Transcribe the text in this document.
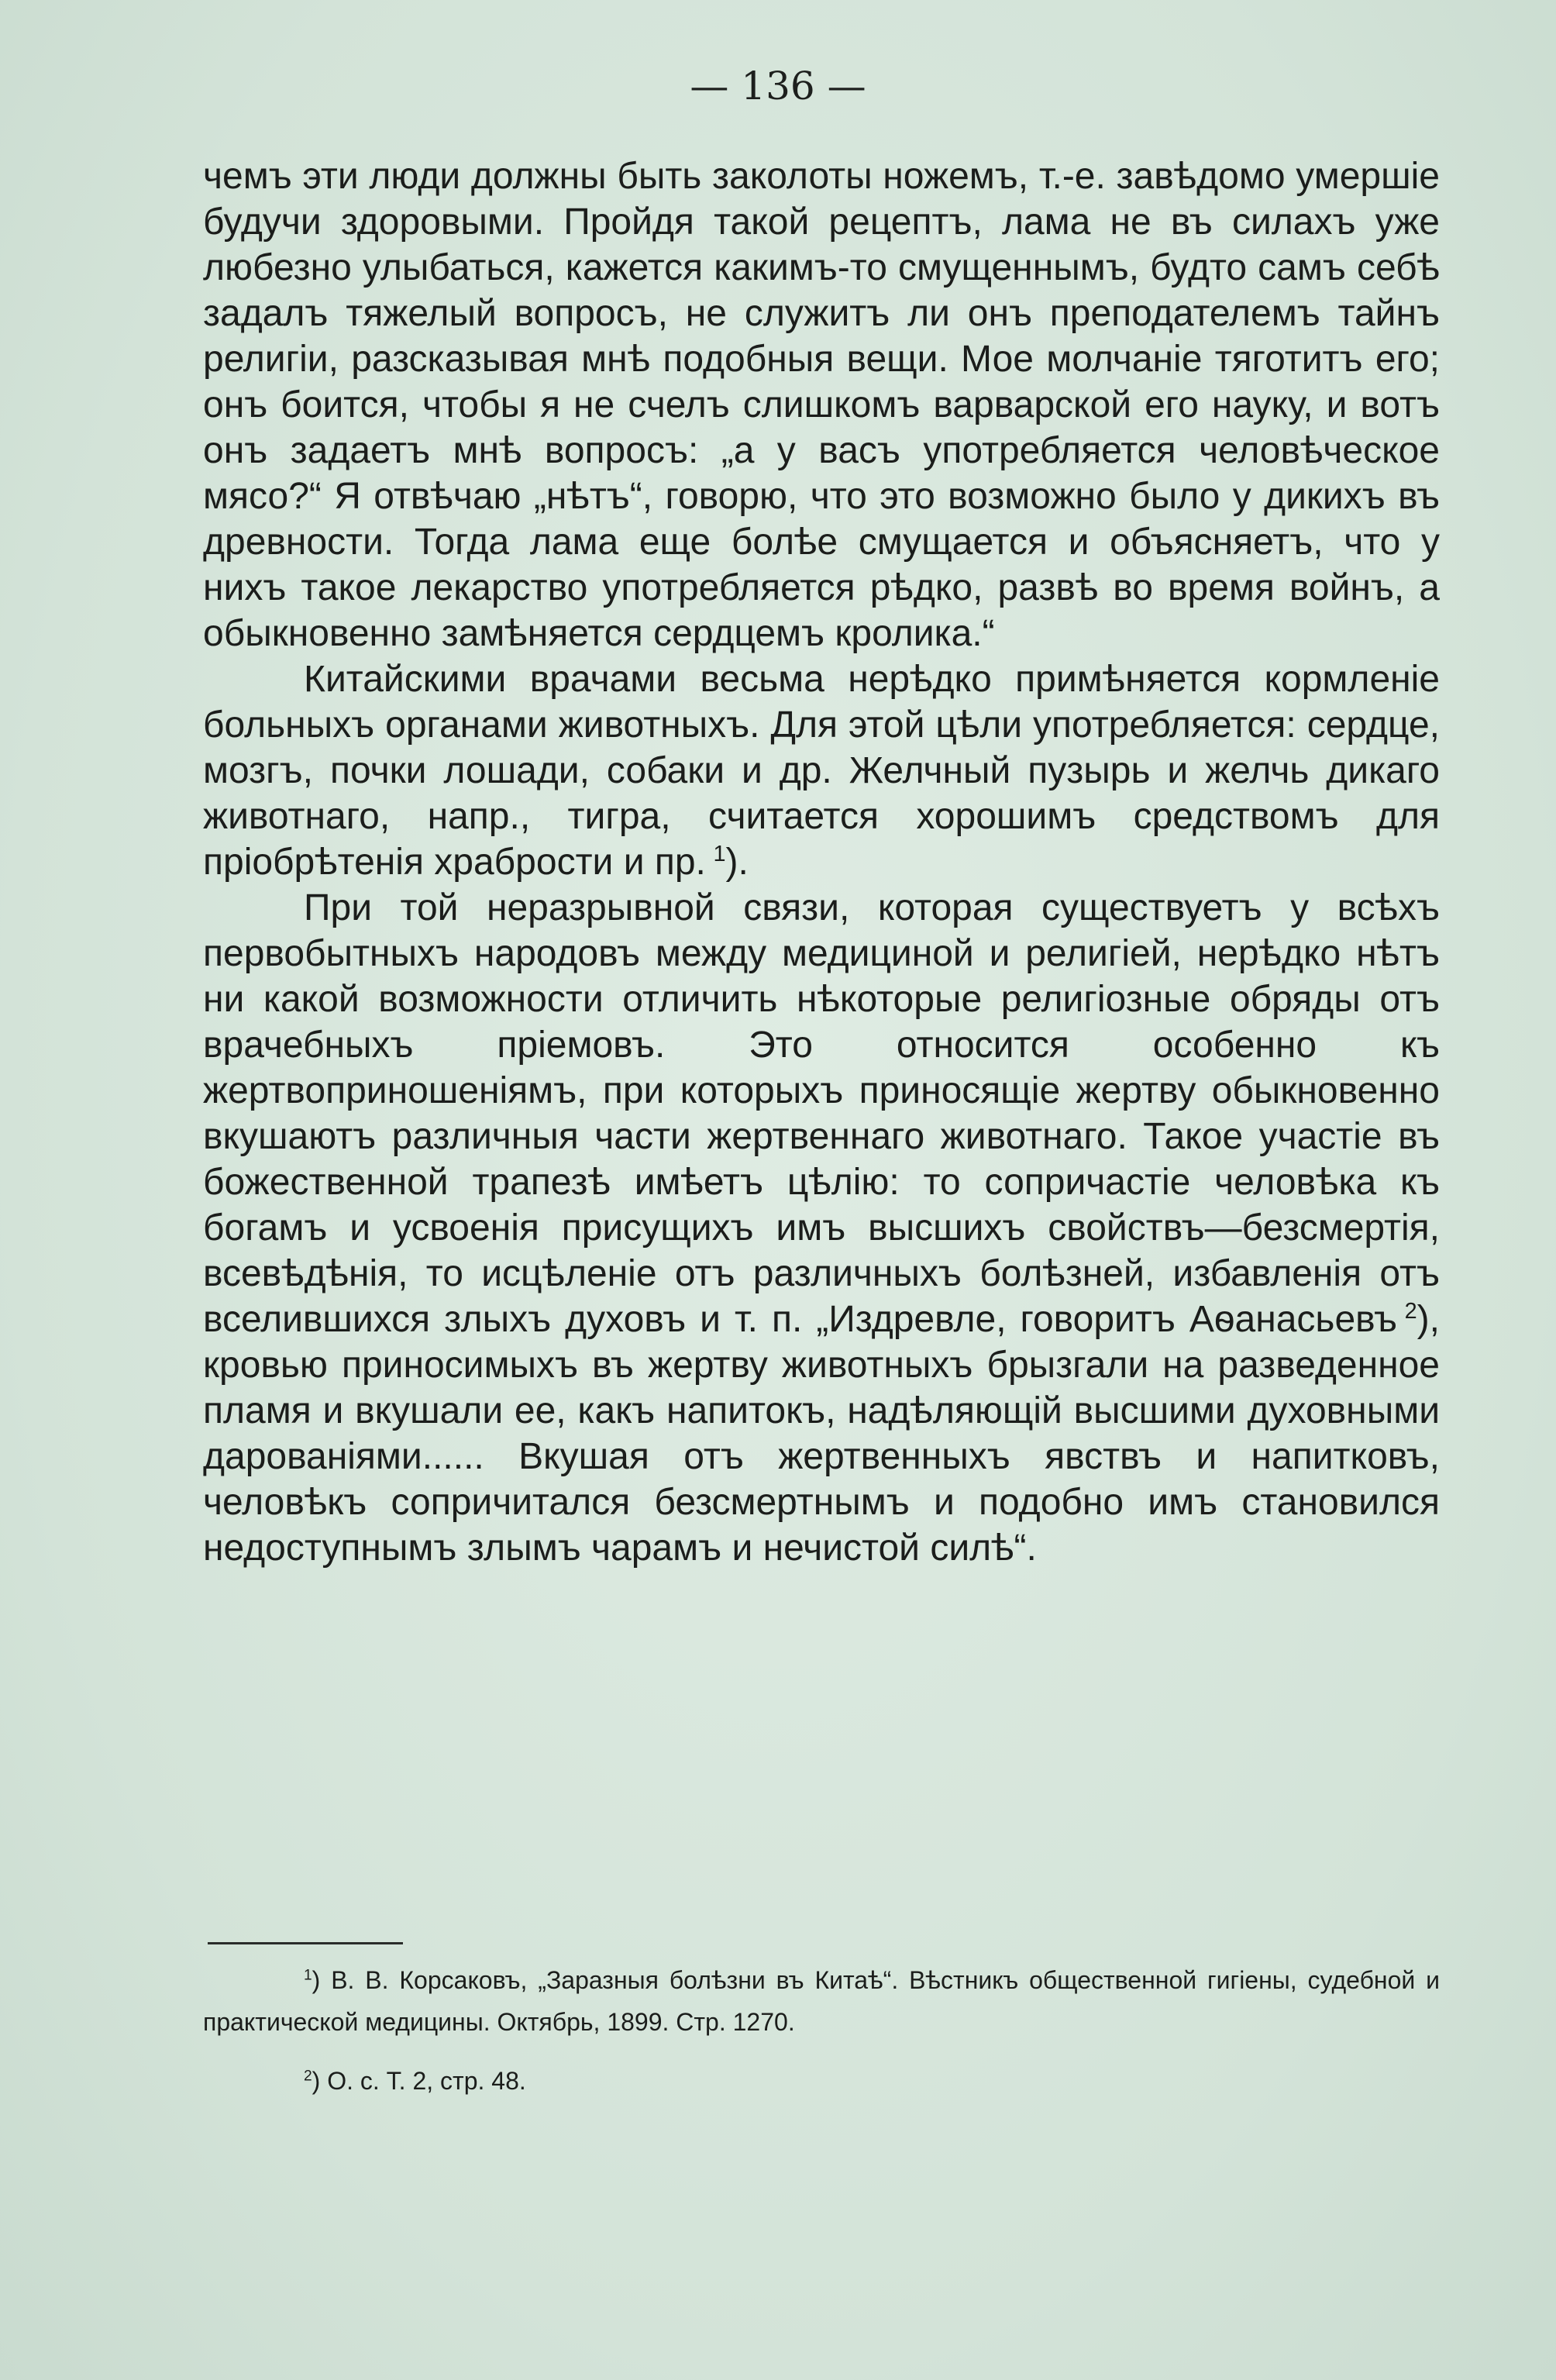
— 136 —

чемъ эти люди должны быть заколоты ножемъ, т.-е. завѣдомо умершіе будучи здоровыми. Пройдя такой рецептъ, лама не въ силахъ уже любезно улыбаться, кажется какимъ-то смущеннымъ, будто самъ себѣ задалъ тяжелый вопросъ, не служитъ ли онъ преподателемъ тайнъ религіи, разсказывая мнѣ подобныя вещи. Мое молчаніе тяготитъ его; онъ боится, чтобы я не счелъ слишкомъ варварской его науку, и вотъ онъ задаетъ мнѣ вопросъ: „а у васъ употребляется человѣческое мясо?“ Я отвѣчаю „нѣтъ“, говорю, что это возможно было у дикихъ въ древности. Тогда лама еще болѣе смущается и объясняетъ, что у нихъ такое лекарство употребляется рѣдко, развѣ во время войнъ, а обыкновенно замѣняется сердцемъ кролика.“

Китайскими врачами весьма нерѣдко примѣняется кормленіе больныхъ органами животныхъ. Для этой цѣли употребляется: сердце, мозгъ, почки лошади, собаки и др. Желчный пузырь и желчь дикаго животнаго, напр., тигра, считается хорошимъ средствомъ для пріобрѣтенія храбрости и пр.  $^1$).

При той неразрывной связи, которая существуетъ у всѣхъ первобытныхъ народовъ между медициной и религіей, нерѣдко нѣтъ ни какой возможности отличить нѣкоторые религіозные обряды отъ врачебныхъ пріемовъ. Это относится особенно къ жертвоприношеніямъ, при которыхъ приносящіе жертву обыкновенно вкушаютъ различныя части жертвеннаго животнаго. Такое участіе въ божественной трапезѣ имѣетъ цѣлію: то сопричастіе человѣка къ богамъ и усвоенія присущихъ имъ высшихъ свойствъ—безсмертія, всевѣдѣнія, то исцѣленіе отъ различныхъ болѣзней, избавленія отъ вселившихся злыхъ духовъ и т. п. „Издревле, говоритъ Аѳанасьевъ  $^2$), кровью приносимыхъ въ жертву животныхъ брызгали на разведенное пламя и вкушали ее, какъ напитокъ, надѣляющій высшими духовными дарованіями...... Вкушая отъ жертвенныхъ явствъ и напитковъ, человѣкъ сопричитался безсмертнымъ и подобно имъ становился недоступнымъ злымъ чарамъ и нечистой силѣ“.

$^1$) В. В. Корсаковъ, „Заразныя болѣзни въ Китаѣ“. Вѣстникъ общественной гигіены, судебной и практической медицины. Октябрь, 1899. Стр. 1270.

$^2$) О. с. Т. 2, стр. 48.
